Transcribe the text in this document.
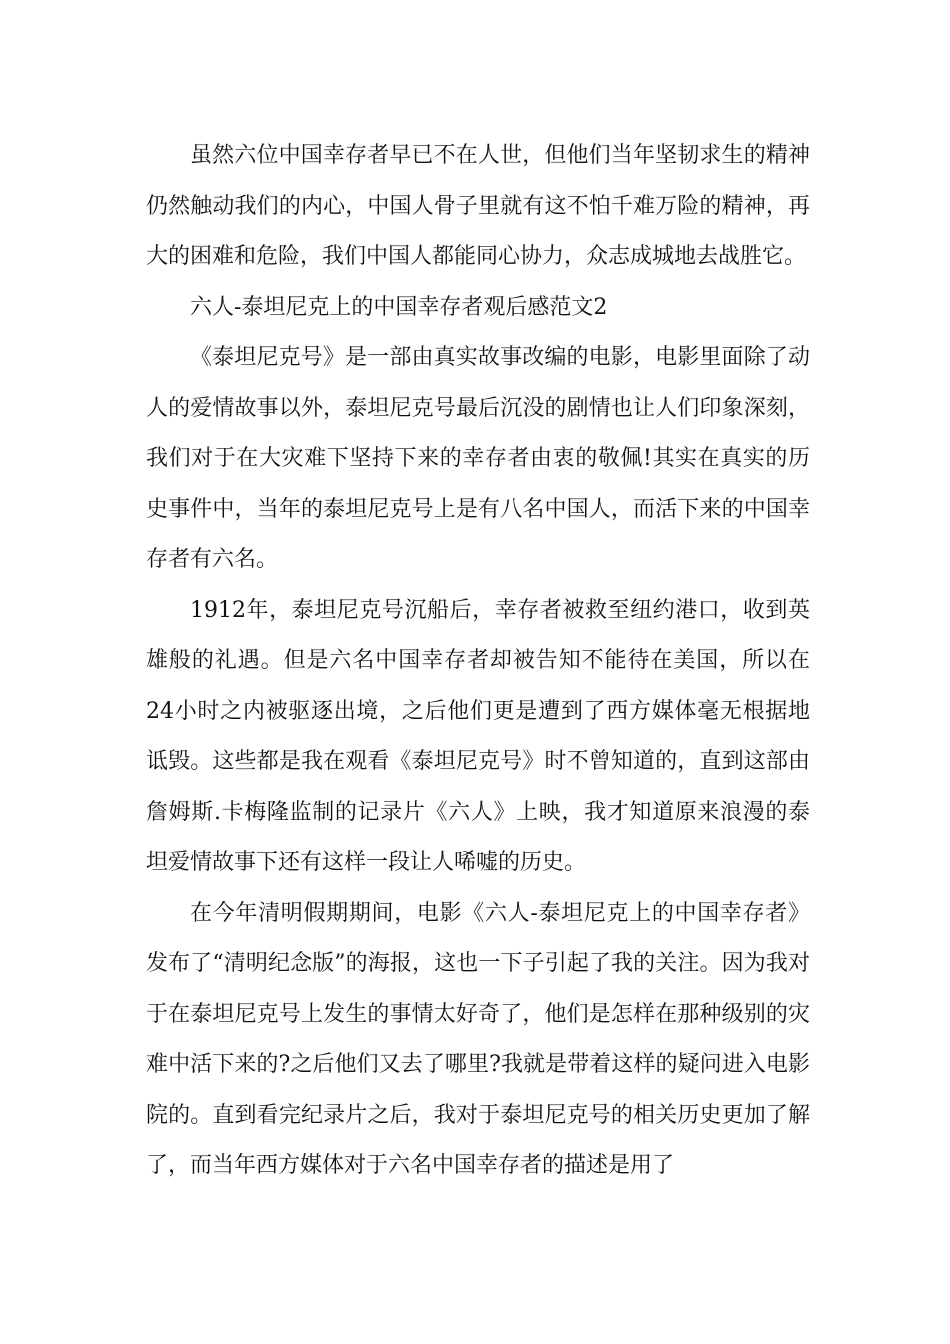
虽然六位中国幸存者早已不在人世，但他们当年坚韧求生的精神仍然触动我们的内心，中国人骨子里就有这不怕千难万险的精神，再大的困难和危险，我们中国人都能同心协力，众志成城地去战胜它。

六人-泰坦尼克上的中国幸存者观后感范文2

《泰坦尼克号》是一部由真实故事改编的电影，电影里面除了动人的爱情故事以外，泰坦尼克号最后沉没的剧情也让人们印象深刻，我们对于在大灾难下坚持下来的幸存者由衷的敬佩!其实在真实的历史事件中，当年的泰坦尼克号上是有八名中国人，而活下来的中国幸存者有六名。

1912年，泰坦尼克号沉船后，幸存者被救至纽约港口，收到英雄般的礼遇。但是六名中国幸存者却被告知不能待在美国，所以在24小时之内被驱逐出境，之后他们更是遭到了西方媒体毫无根据地诋毁。这些都是我在观看《泰坦尼克号》时不曾知道的，直到这部由詹姆斯.卡梅隆监制的记录片《六人》上映，我才知道原来浪漫的泰坦爱情故事下还有这样一段让人唏嘘的历史。

在今年清明假期期间，电影《六人-泰坦尼克上的中国幸存者》发布了“清明纪念版”的海报，这也一下子引起了我的关注。因为我对于在泰坦尼克号上发生的事情太好奇了，他们是怎样在那种级别的灾难中活下来的?之后他们又去了哪里?我就是带着这样的疑问进入电影院的。直到看完纪录片之后，我对于泰坦尼克号的相关历史更加了解了，而当年西方媒体对于六名中国幸存者的描述是用了
